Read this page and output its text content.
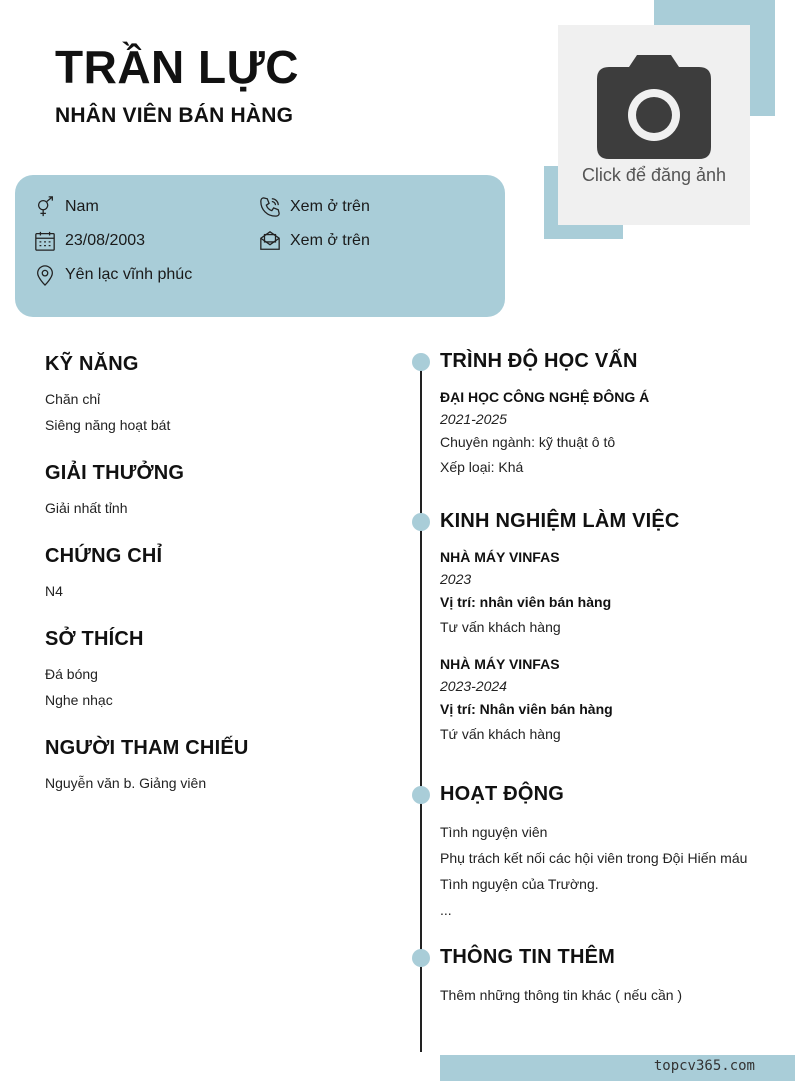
TRẦN LỰC
NHÂN VIÊN BÁN HÀNG
Click để đăng ảnh
Nam
23/08/2003
Yên lạc vĩnh phúc
Xem ở trên
Xem ở trên
KỸ NĂNG
Chăn chỉ
Siêng năng hoạt bát
GIẢI THƯỞNG
Giải nhất tỉnh
CHỨNG CHỈ
N4
SỞ THÍCH
Đá bóng
Nghe nhạc
NGƯỜI THAM CHIẾU
Nguyễn văn b. Giảng viên
TRÌNH ĐỘ HỌC VẤN
ĐẠI HỌC CÔNG NGHỆ ĐÔNG Á
2021-2025
Chuyên ngành: kỹ thuật ô tô
Xếp loại: Khá
KINH NGHIỆM LÀM VIỆC
NHÀ MÁY VINFAS
2023
Vị trí: nhân viên bán hàng
Tư vấn khách hàng
NHÀ MÁY VINFAS
2023-2024
Vị trí: Nhân viên bán hàng
Tứ vấn khách hàng
HOẠT ĐỘNG
Tình nguyện viên
Phụ trách kết nối các hội viên trong Đội Hiến máu
Tình nguyện của Trường.
...
THÔNG TIN THÊM
Thêm những thông tin khác ( nếu cần )
topcv365.com
